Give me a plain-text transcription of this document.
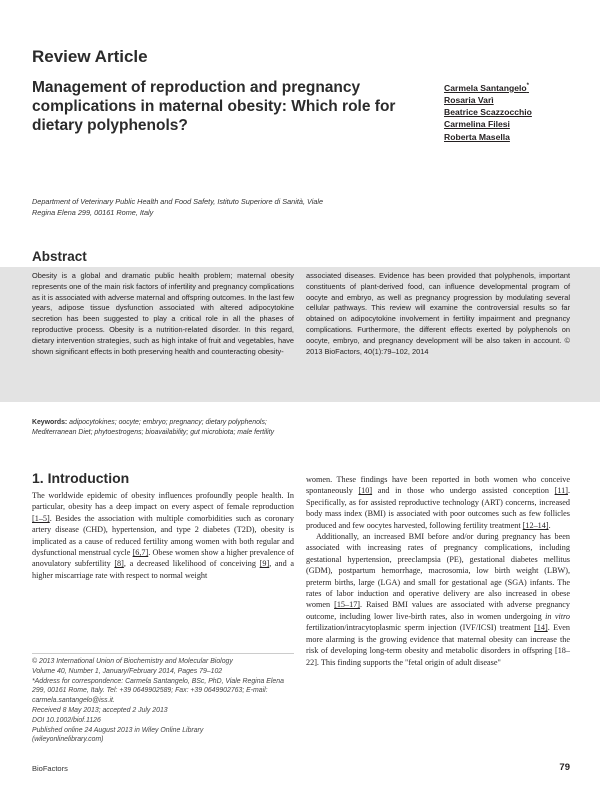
Review Article
Management of reproduction and pregnancy complications in maternal obesity: Which role for dietary polyphenols?
Carmela Santangelo*
Rosaria Varì
Beatrice Scazzocchio
Carmelina Filesi
Roberta Masella
Department of Veterinary Public Health and Food Safety, Istituto Superiore di Sanità, Viale Regina Elena 299, 00161 Rome, Italy
Abstract
Obesity is a global and dramatic public health problem; maternal obesity represents one of the main risk factors of infertility and pregnancy complications as it is associated with adverse maternal and offspring outcomes. In the last few years, adipose tissue dysfunction associated with altered adipocytokine secretion has been suggested to play a critical role in all the phases of reproductive process. Obesity is a nutrition-related disorder. In this regard, dietary intervention strategies, such as high intake of fruit and vegetables, have shown significant effects in both preserving health and counteracting obesity-
associated diseases. Evidence has been provided that polyphenols, important constituents of plant-derived food, can influence developmental program of oocyte and embryo, as well as pregnancy progression by modulating several cellular pathways. This review will examine the controversial results so far obtained on adipocytokine involvement in fertility impairment and pregnancy complications. Furthermore, the different effects exerted by polyphenols on oocyte, embryo, and pregnancy development will be also taken in account. © 2013 BioFactors, 40(1):79–102, 2014
Keywords: adipocytokines; oocyte; embryo; pregnancy; dietary polyphenols; Mediterranean Diet; phytoestrogens; bioavailability; gut microbiota; male fertility
1. Introduction

The worldwide epidemic of obesity influences profoundly people health. In particular, obesity has a deep impact on every aspect of female reproduction [1–5]. Besides the association with multiple comorbidities such as coronary artery disease (CHD), hypertension, and type 2 diabetes (T2D), obesity is implicated as a cause of reduced fertility among women with both regular and dysfunctional menstrual cycle [6,7]. Obese women show a higher prevalence of anovulatory subfertility [8], a decreased likelihood of conceiving [9], and a higher miscarriage rate with respect to normal weight

women. These findings have been reported in both women who conceive spontaneously [10] and in those who undergo assisted conception [11]. Specifically, as for assisted reproductive technology (ART) concerns, increased body mass index (BMI) is associated with poor outcomes such as few follicles produced and few oocytes harvested, following fertility treatment [12–14].

Additionally, an increased BMI before and/or during pregnancy has been associated with increasing rates of pregnancy complications, including gestational hypertension, preeclampsia (PE), gestational diabetes mellitus (GDM), postpartum hemorrhage, macrosomia, low birth weight (LBW), preterm births, large (LGA) and small for gestational age (SGA) infants. The rates of labor induction and operative delivery are also increased in obese women [15–17]. Raised BMI values are associated with adverse pregnancy outcome, including lower live-birth rates, also in women undergoing in vitro fertilization/intracytoplasmic sperm injection (IVF/ICSI) treatment [14]. Even more alarming is the growing evidence that maternal obesity can increase the risk of developing long-term obesity and metabolic disorders in offspring [18–22]. This finding supports the "fetal origin of adult disease"

© 2013 International Union of Biochemistry and Molecular Biology
Volume 40, Number 1, January/February 2014, Pages 79–102
*Address for correspondence: Carmela Santangelo, BSc, PhD, Viale Regina Elena 299, 00161 Rome, Italy. Tel: +39 0649902589; Fax: +39 0649902763; E-mail: carmela.santangelo@iss.it.
Received 8 May 2013; accepted 2 July 2013
DOI 10.1002/biof.1126
Published online 24 August 2013 in Wiley Online Library
(wileyonlinelibrary.com)
BioFactors	79
